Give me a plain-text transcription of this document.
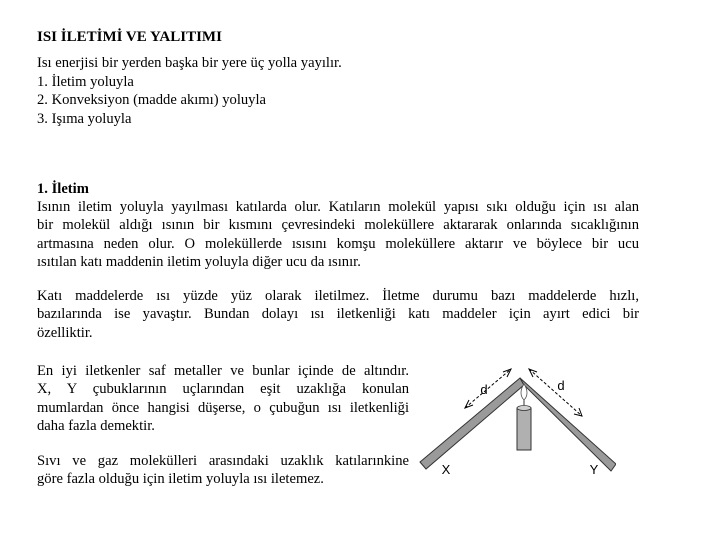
ISI İLETİMİ VE YALITIMI
Isı enerjisi bir yerden başka bir yere üç yolla yayılır.
1. İletim yoluyla
2. Konveksiyon (madde akımı) yoluyla
3. Işıma yoluyla
1. İletim
Isının iletim yoluyla yayılması katılarda olur. Katıların molekül yapısı sıkı olduğu için ısı alan
bir molekül aldığı ısının bir kısmını çevresindeki moleküllere aktararak onlarında sıcaklığının
artmasına neden olur. O moleküllerde ısısını komşu moleküllere aktarır ve böylece bir ucu
ısıtılan katı maddenin iletim yoluyla diğer ucu da ısınır.
Katı maddelerde ısı yüzde yüz olarak iletilmez. İletme durumu bazı maddelerde hızlı,
bazılarında ise yavaştır. Bundan dolayı ısı iletkenliği katı maddeler için ayırt edici bir
özelliktir.
En iyi iletkenler saf metaller ve bunlar içinde de altındır.
X, Y çubuklarının uçlarından eşit uzaklığa konulan
mumlardan önce hangisi düşerse, o çubuğun ısı iletkenliği
daha fazla demektir.
Sıvı ve gaz molekülleri arasındaki uzaklık katılarınkine
göre fazla olduğu için iletim yoluyla ısı iletemez.
d	d
X	Y
